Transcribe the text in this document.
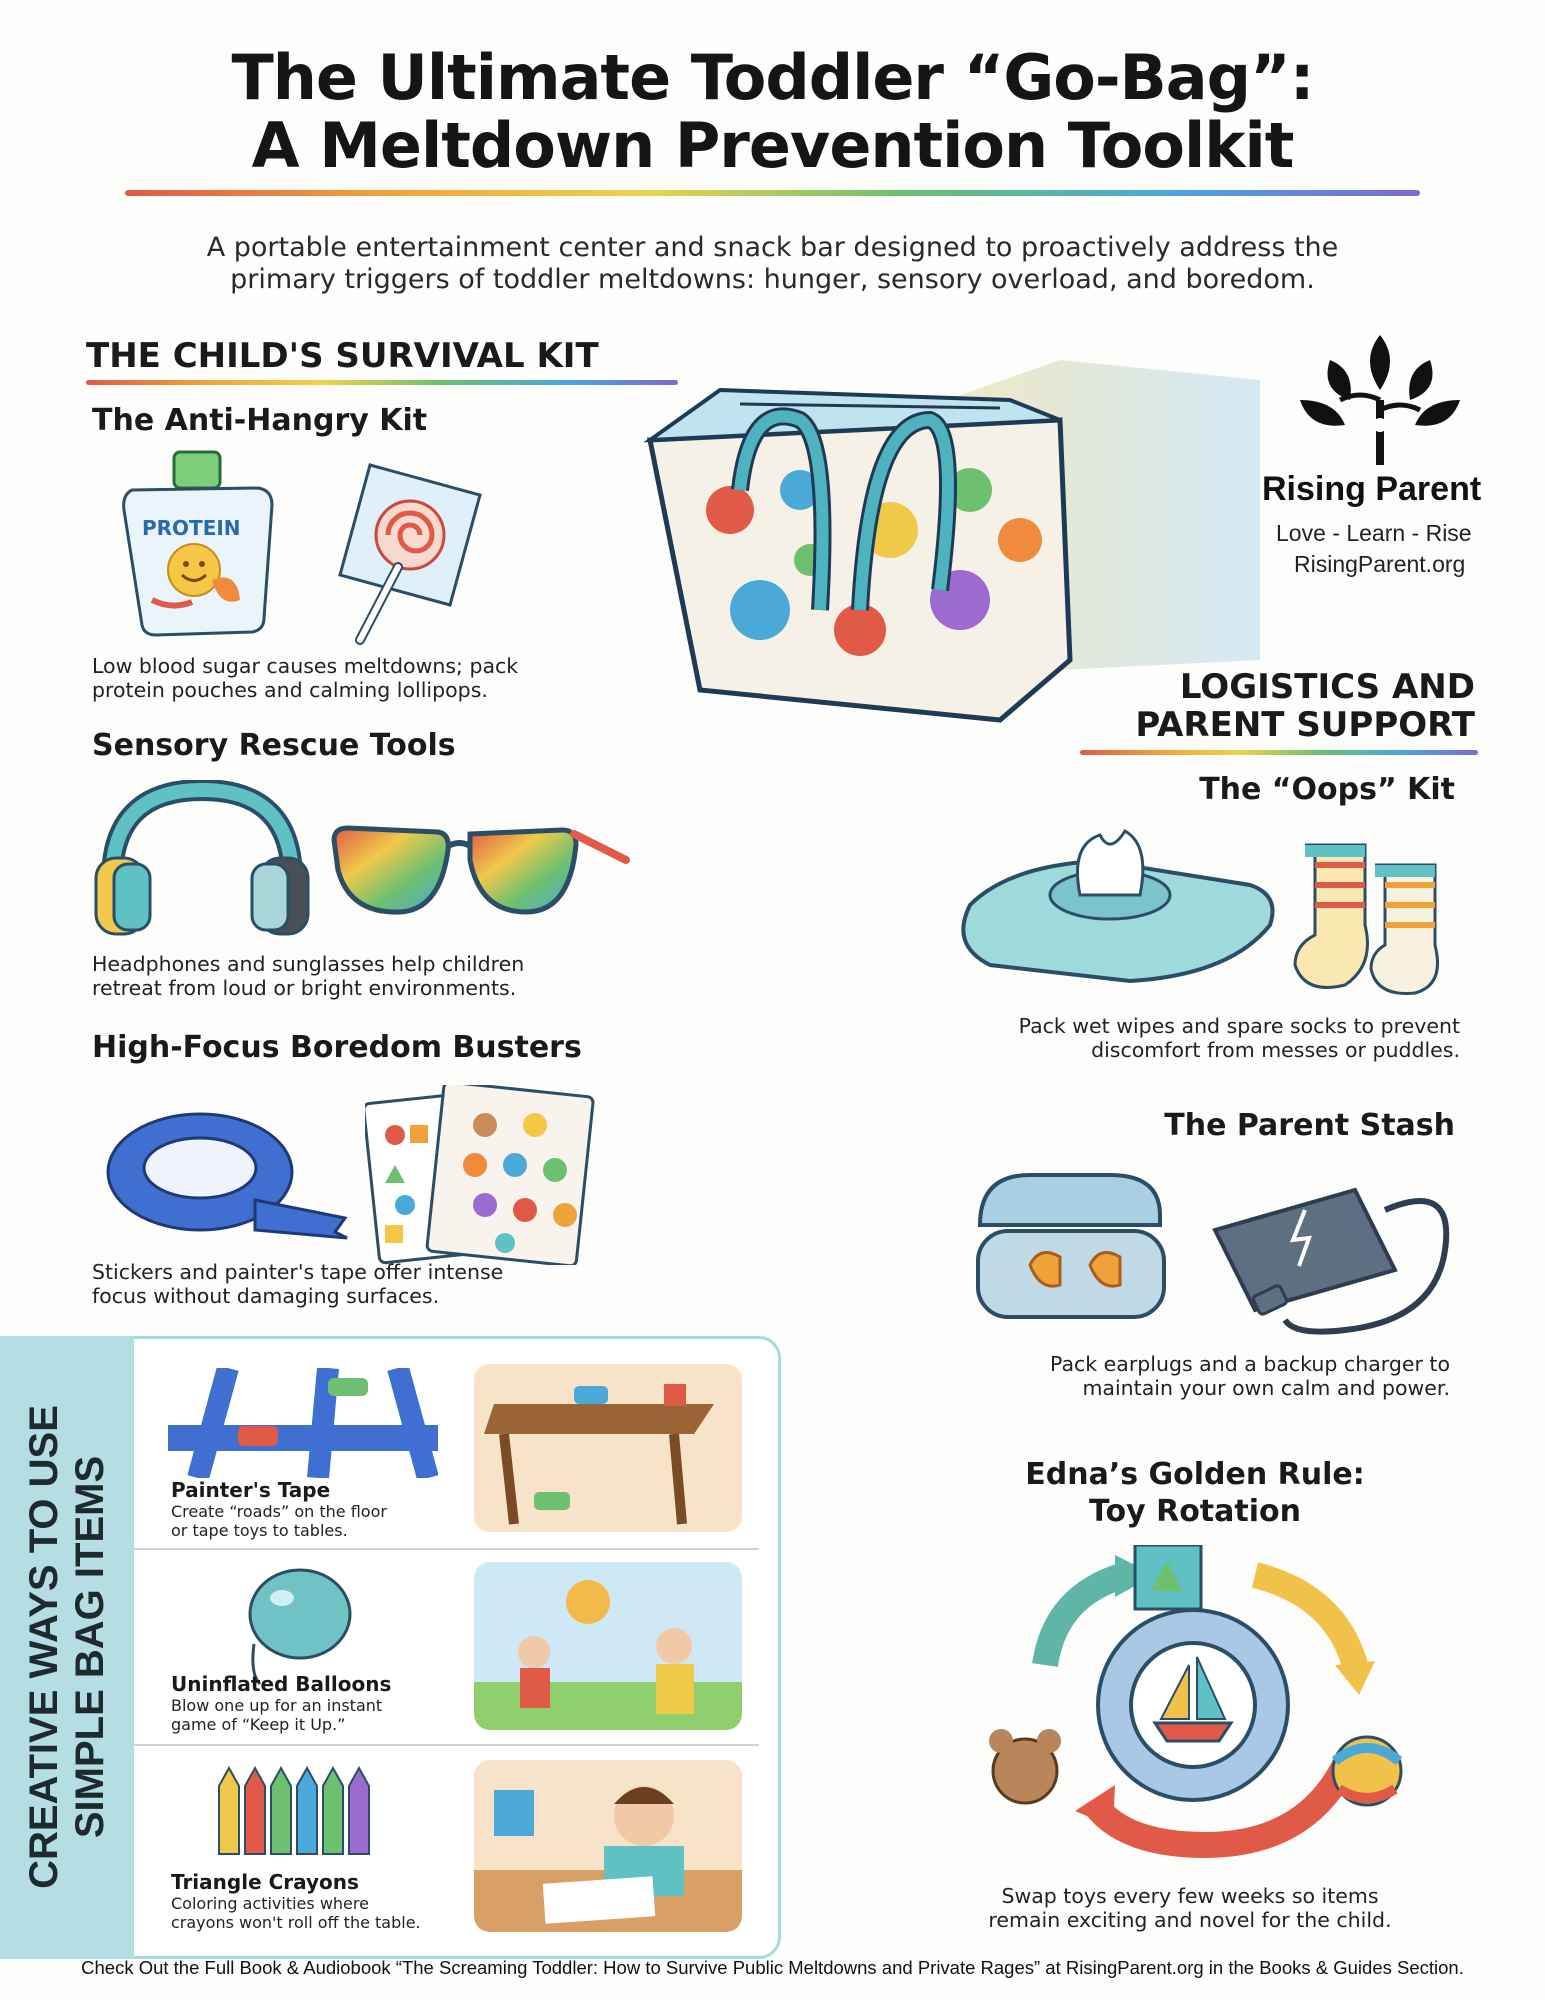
The Ultimate Toddler “Go-Bag”:
A Meltdown Prevention Toolkit
A portable entertainment center and snack bar designed to proactively address the
primary triggers of toddler meltdowns: hunger, sensory overload, and boredom.
THE CHILD'S SURVIVAL KIT
The Anti-Hangry Kit
PROTEIN
Low blood sugar causes meltdowns; pack
protein pouches and calming lollipops.
Sensory Rescue Tools
Headphones and sunglasses help children
retreat from loud or bright environments.
High-Focus Boredom Busters
Stickers and painter's tape offer intense
focus without damaging surfaces.
Rising Parent
Love - Learn - Rise
RisingParent.org
LOGISTICS AND
PARENT SUPPORT
The “Oops” Kit
Pack wet wipes and spare socks to prevent
discomfort from messes or puddles.
The Parent Stash
Pack earplugs and a backup charger to
maintain your own calm and power.
Edna’s Golden Rule:
Toy Rotation
Swap toys every few weeks so items
remain exciting and novel for the child.
CREATIVE WAYS TO USE SIMPLE BAG ITEMS	Painter's Tape
Create “roads” on the floor
or tape toys to tables.
Uninflated Balloons
Blow one up for an instant
game of “Keep it Up.”
Triangle Crayons
Coloring activities where
crayons won't roll off the table.
Check Out the Full Book & Audiobook “The Screaming Toddler: How to Survive Public Meltdowns and Private Rages” at RisingParent.org in the Books & Guides Section.
